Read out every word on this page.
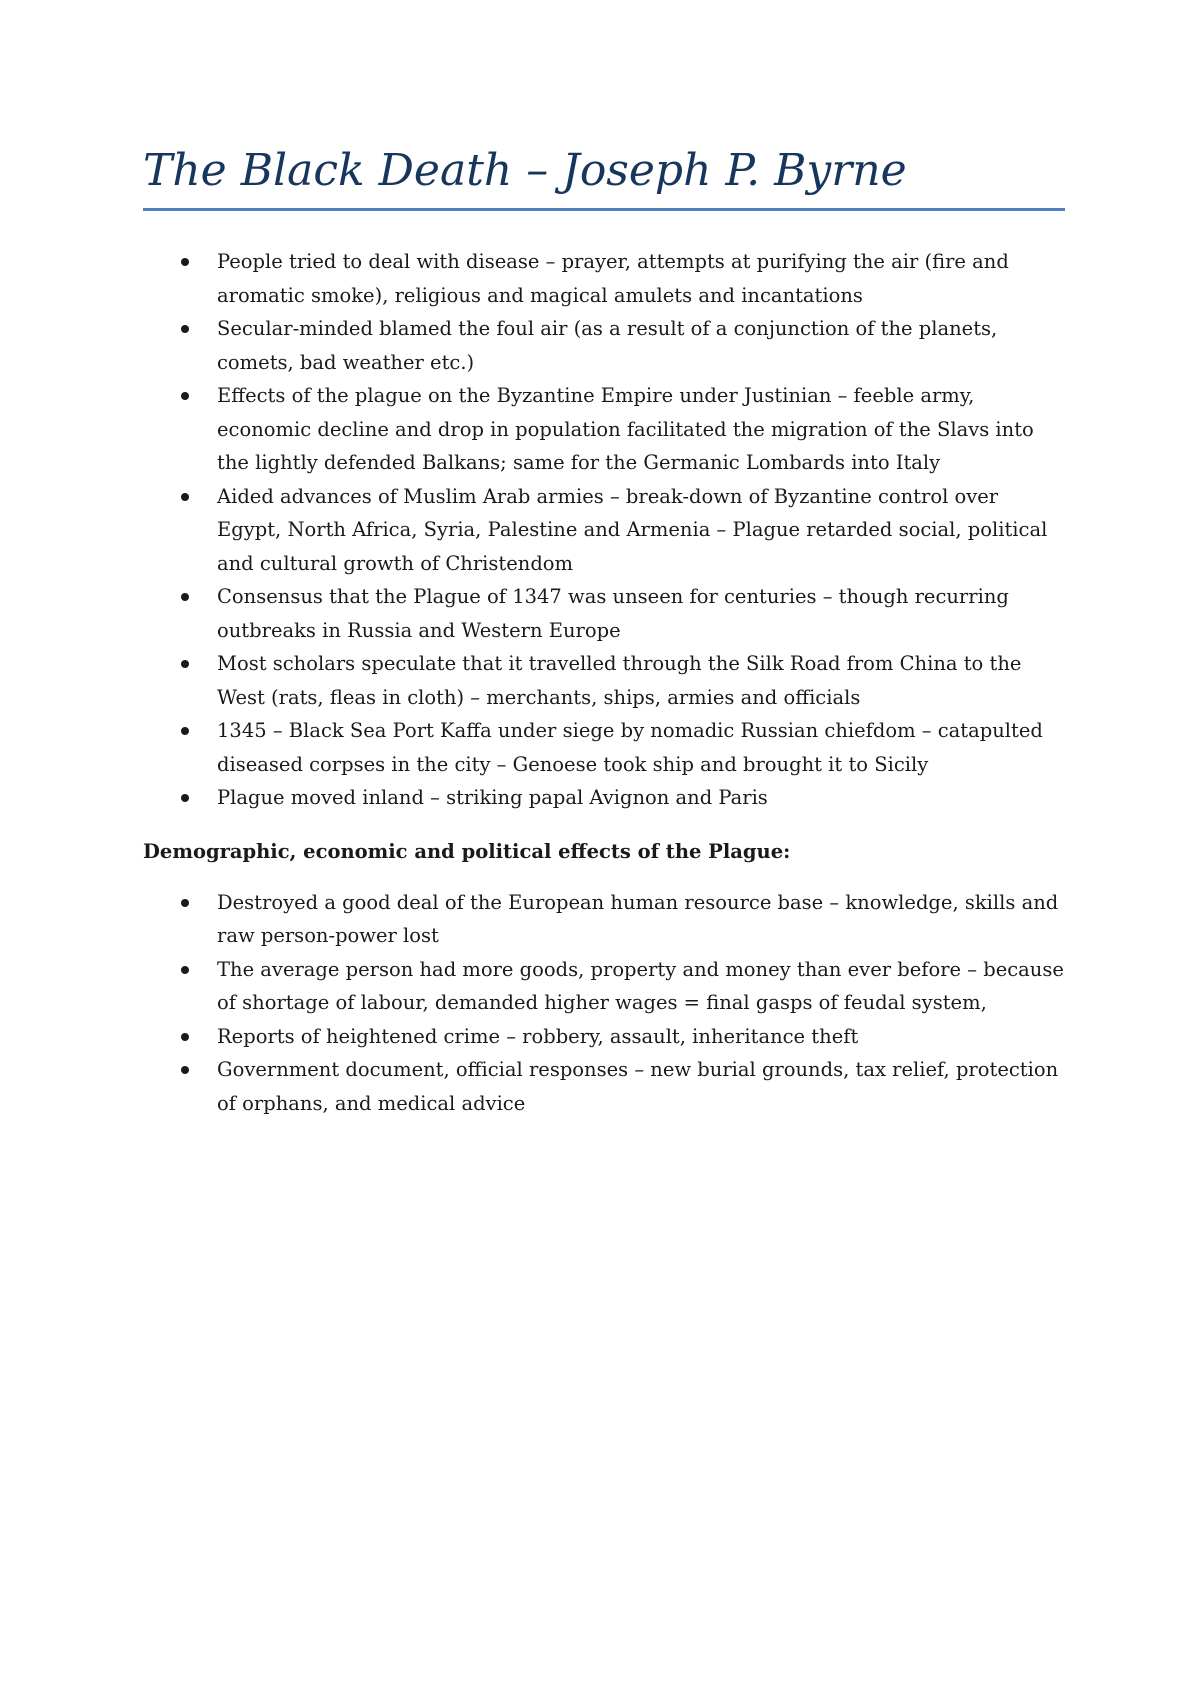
The Black Death – Joseph P. Byrne
People tried to deal with disease – prayer, attempts at purifying the air (fire and aromatic smoke), religious and magical amulets and incantations
Secular-minded blamed the foul air (as a result of a conjunction of the planets, comets, bad weather etc.)
Effects of the plague on the Byzantine Empire under Justinian – feeble army, economic decline and drop in population facilitated the migration of the Slavs into the lightly defended Balkans; same for the Germanic Lombards into Italy
Aided advances of Muslim Arab armies – break-down of Byzantine control over Egypt, North Africa, Syria, Palestine and Armenia – Plague retarded social, political and cultural growth of Christendom
Consensus that the Plague of 1347 was unseen for centuries – though recurring outbreaks in Russia and Western Europe
Most scholars speculate that it travelled through the Silk Road from China to the West (rats, fleas in cloth) – merchants, ships, armies and officials
1345 – Black Sea Port Kaffa under siege by nomadic Russian chiefdom – catapulted diseased corpses in the city – Genoese took ship and brought it to Sicily
Plague moved inland – striking papal Avignon and Paris

Demographic, economic and political effects of the Plague:

Destroyed a good deal of the European human resource base – knowledge, skills and raw person-power lost
The average person had more goods, property and money than ever before – because of shortage of labour, demanded higher wages = final gasps of feudal system,
Reports of heightened crime – robbery, assault, inheritance theft
Government document, official responses – new burial grounds, tax relief, protection of orphans, and medical advice
